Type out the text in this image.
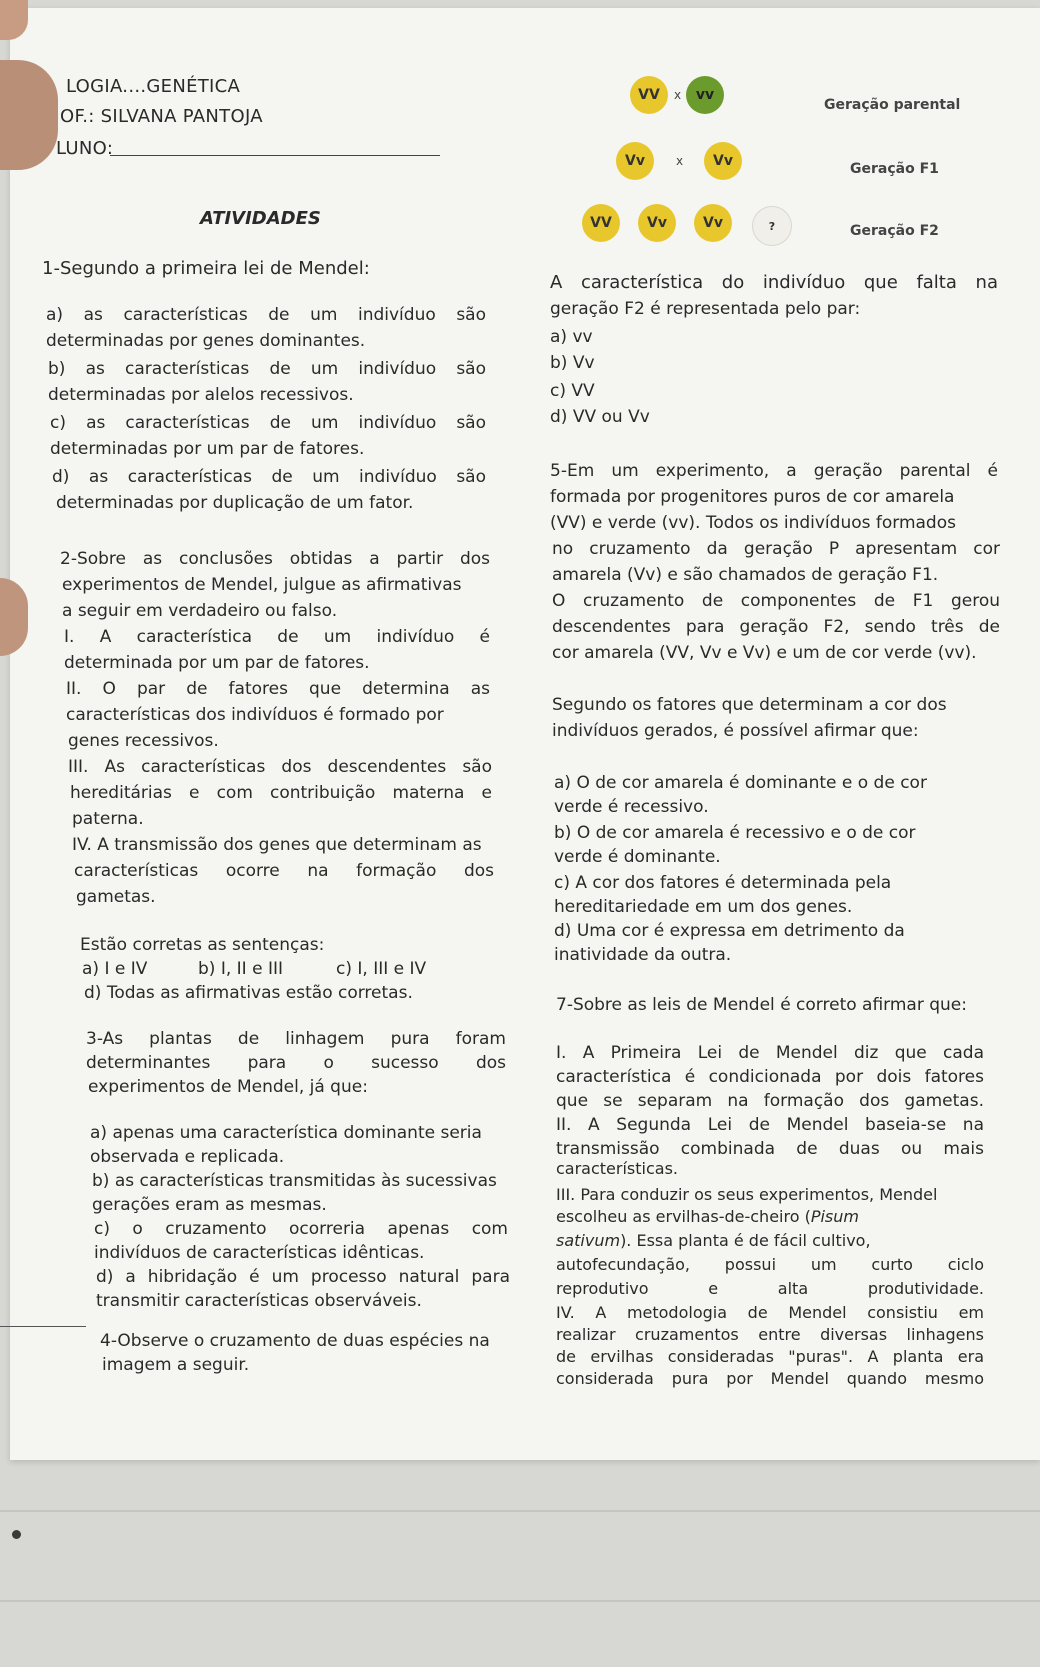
LOGIA....GENÉTICA
OF.: SILVANA PANTOJA
LUNO:
ATIVIDADES
VV	x	vv
Geração parental
Vv	x	Vv	Geração F1
VV	Vv	Vv	?	Geração F2
1-Segundo a primeira lei de Mendel:
a) as características de um indivíduo são
determinadas por genes dominantes.
b) as características de um indivíduo são
determinadas por alelos recessivos.
c) as características de um indivíduo são
determinadas por um par de fatores.
d) as características de um indivíduo são
determinadas por duplicação de um fator.
2-Sobre as conclusões obtidas a partir dos
experimentos de Mendel, julgue as afirmativas
a seguir em verdadeiro ou falso.
I. A característica de um indivíduo é
determinada por um par de fatores.
II. O par de fatores que determina as
características dos indivíduos é formado por
genes recessivos.
III. As características dos descendentes são
hereditárias e com contribuição materna e
paterna.
IV. A transmissão dos genes que determinam as
características ocorre na formação dos
gametas.
Estão corretas as sentenças:
a) I e IV	b) I, II e III	c) I, III e IV
d) Todas as afirmativas estão corretas.
3-As plantas de linhagem pura foram
determinantes para o sucesso dos
experimentos de Mendel, já que:
a) apenas uma característica dominante seria
observada e replicada.
b) as características transmitidas às sucessivas
gerações eram as mesmas.
c) o cruzamento ocorreria apenas com
indivíduos de características idênticas.
d) a hibridação é um processo natural para
transmitir características observáveis.
4-Observe o cruzamento de duas espécies na
imagem a seguir.
A característica do indivíduo que falta na
geração F2 é representada pelo par:
a) vv
b) Vv
c) VV
d) VV ou Vv
5-Em um experimento, a geração parental é
formada por progenitores puros de cor amarela
(VV) e verde (vv). Todos os indivíduos formados
no cruzamento da geração P apresentam cor
amarela (Vv) e são chamados de geração F1.
O cruzamento de componentes de F1 gerou
descendentes para geração F2, sendo três de
cor amarela (VV, Vv e Vv) e um de cor verde (vv).
Segundo os fatores que determinam a cor dos
indivíduos gerados, é possível afirmar que:
a) O de cor amarela é dominante e o de cor
verde é recessivo.
b) O de cor amarela é recessivo e o de cor
verde é dominante.
c) A cor dos fatores é determinada pela
hereditariedade em um dos genes.
d) Uma cor é expressa em detrimento da
inatividade da outra.
7-Sobre as leis de Mendel é correto afirmar que:
I. A Primeira Lei de Mendel diz que cada
característica é condicionada por dois fatores
que se separam na formação dos gametas.
II. A Segunda Lei de Mendel baseia-se na
transmissão combinada de duas ou mais
características.
III. Para conduzir os seus experimentos, Mendel
escolheu as ervilhas-de-cheiro (Pisum
sativum). Essa planta é de fácil cultivo,
autofecundação, possui um curto ciclo
reprodutivo e alta produtividade.
IV. A metodologia de Mendel consistiu em
realizar cruzamentos entre diversas linhagens
de ervilhas consideradas "puras". A planta era
considerada pura por Mendel quando mesmo
